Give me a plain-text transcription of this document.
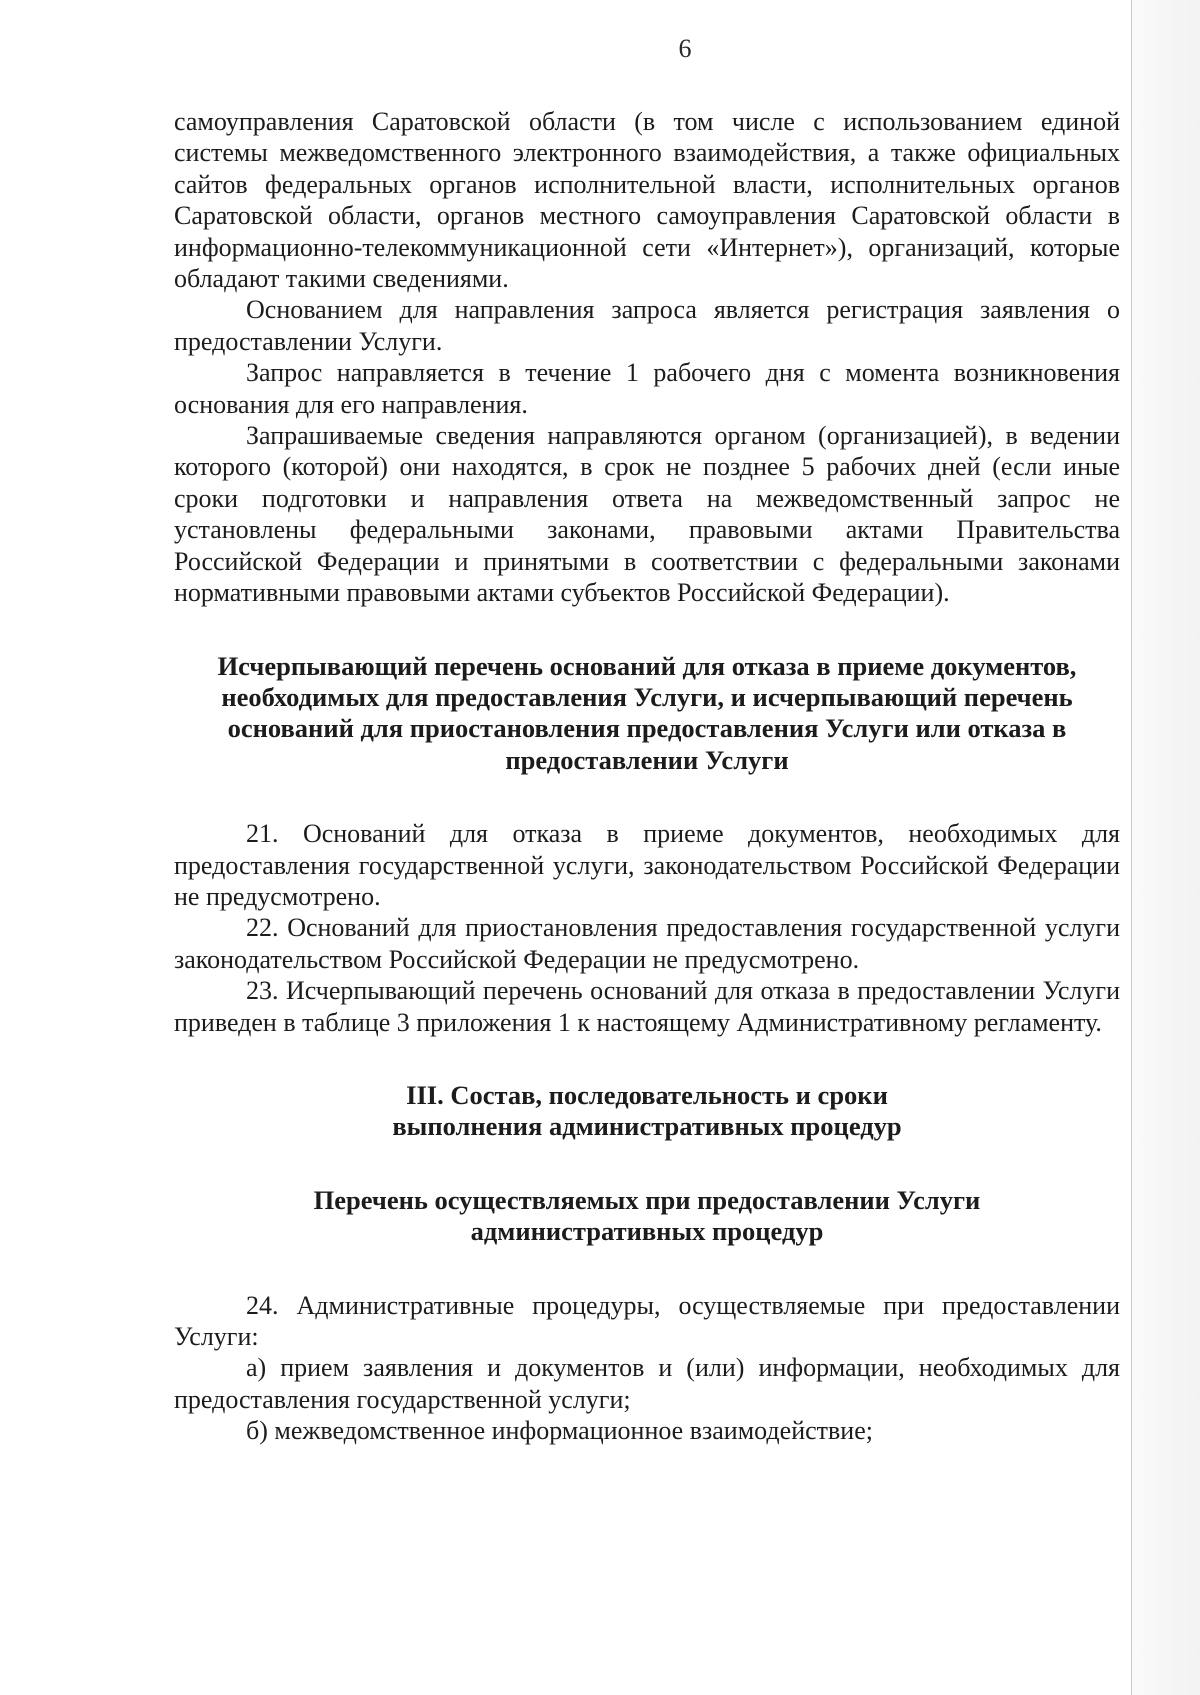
6

самоуправления Саратовской области (в том числе с использованием единой системы межведомственного электронного взаимодействия, а также официальных сайтов федеральных органов исполнительной власти, исполнительных органов Саратовской области, органов местного самоуправления Саратовской области в информационно-телекоммуникационной сети «Интернет»), организаций, которые обладают такими сведениями.

Основанием для направления запроса является регистрация заявления о предоставлении Услуги.

Запрос направляется в течение 1 рабочего дня с момента возникновения основания для его направления.

Запрашиваемые сведения направляются органом (организацией), в ведении которого (которой) они находятся, в срок не позднее 5 рабочих дней (если иные сроки подготовки и направления ответа на межведомственный запрос не установлены федеральными законами, правовыми актами Правительства Российской Федерации и принятыми в соответствии с федеральными законами нормативными правовыми актами субъектов Российской Федерации).

Исчерпывающий перечень оснований для отказа в приеме документов,

необходимых для предоставления Услуги, и исчерпывающий перечень

оснований для приостановления предоставления Услуги или отказа в

предоставлении Услуги

21. Оснований для отказа в приеме документов, необходимых для предоставления государственной услуги, законодательством Российской Федерации не предусмотрено.

22. Оснований для приостановления предоставления государственной услуги законодательством Российской Федерации не предусмотрено.

23. Исчерпывающий перечень оснований для отказа в предоставлении Услуги приведен в таблице 3 приложения 1 к настоящему Административному регламенту.

III. Состав, последовательность и сроки

выполнения административных процедур

Перечень осуществляемых при предоставлении Услуги

административных процедур

24. Административные процедуры, осуществляемые при предоставлении Услуги:

а) прием заявления и документов и (или) информации, необходимых для предоставления государственной услуги;

б) межведомственное информационное взаимодействие;
